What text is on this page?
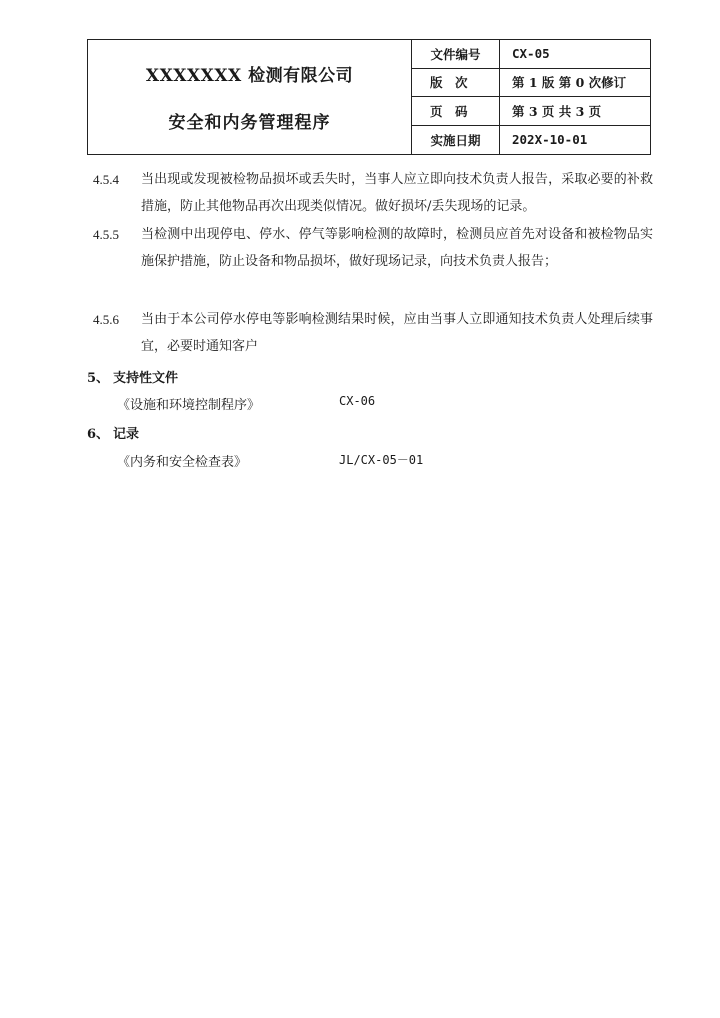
XXXXXXX 检测有限公司
安全和内务管理程序
文件编号	CX-05
版　次	第 1 版 第 0 次修订
页　码	第 3 页 共 3 页
实施日期	202X-10-01
4.5.4 当出现或发现被检物品损坏或丢失时，当事人应立即向技术负责人报告，采取必要的补救措施，防止其他物品再次出现类似情况。做好损坏/丢失现场的记录。
4.5.5 当检测中出现停电、停水、停气等影响检测的故障时，检测员应首先对设备和被检物品实施保护措施，防止设备和物品损坏，做好现场记录，向技术负责人报告；
4.5.6 当由于本公司停水停电等影响检测结果时候，应由当事人立即通知技术负责人处理后续事宜，必要时通知客户
5、 支持性文件
《设施和环境控制程序》	CX-06
6、 记录
《内务和安全检查表》	JL/CX-05－01
